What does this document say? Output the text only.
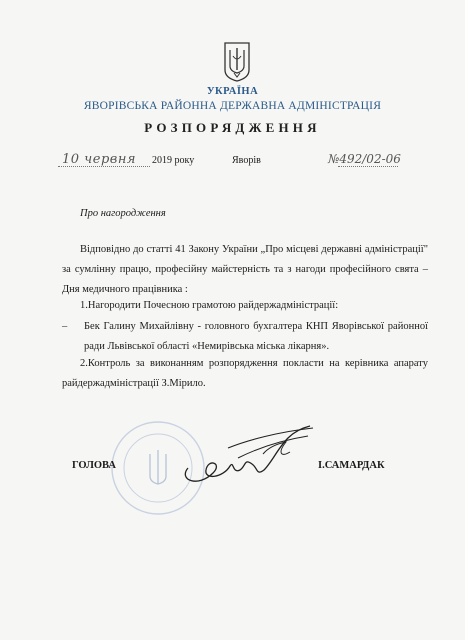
УКРАЇНА
ЯВОРІВСЬКА РАЙОННА ДЕРЖАВНА АДМІНІСТРАЦІЯ
РОЗПОРЯДЖЕННЯ
10 червня 2019 року	Яворів	№492/02-06
Про нагородження
Відповідно до статті 41 Закону України „Про місцеві державні адміністрації" за сумлінну працю, професійну майстерність та з нагоди професійного свята – Дня медичного працівника :
1.Нагородити Почесною грамотою райдержадміністрації:
– Бек Галину Михайлівну - головного бухгалтера КНП Яворівської районної ради Львівської області «Немирівська міська лікарня».
2.Контроль за виконанням розпорядження покласти на керівника апарату райдержадміністрації З.Мірило.
ГОЛОВА	І.САМАРДАК
